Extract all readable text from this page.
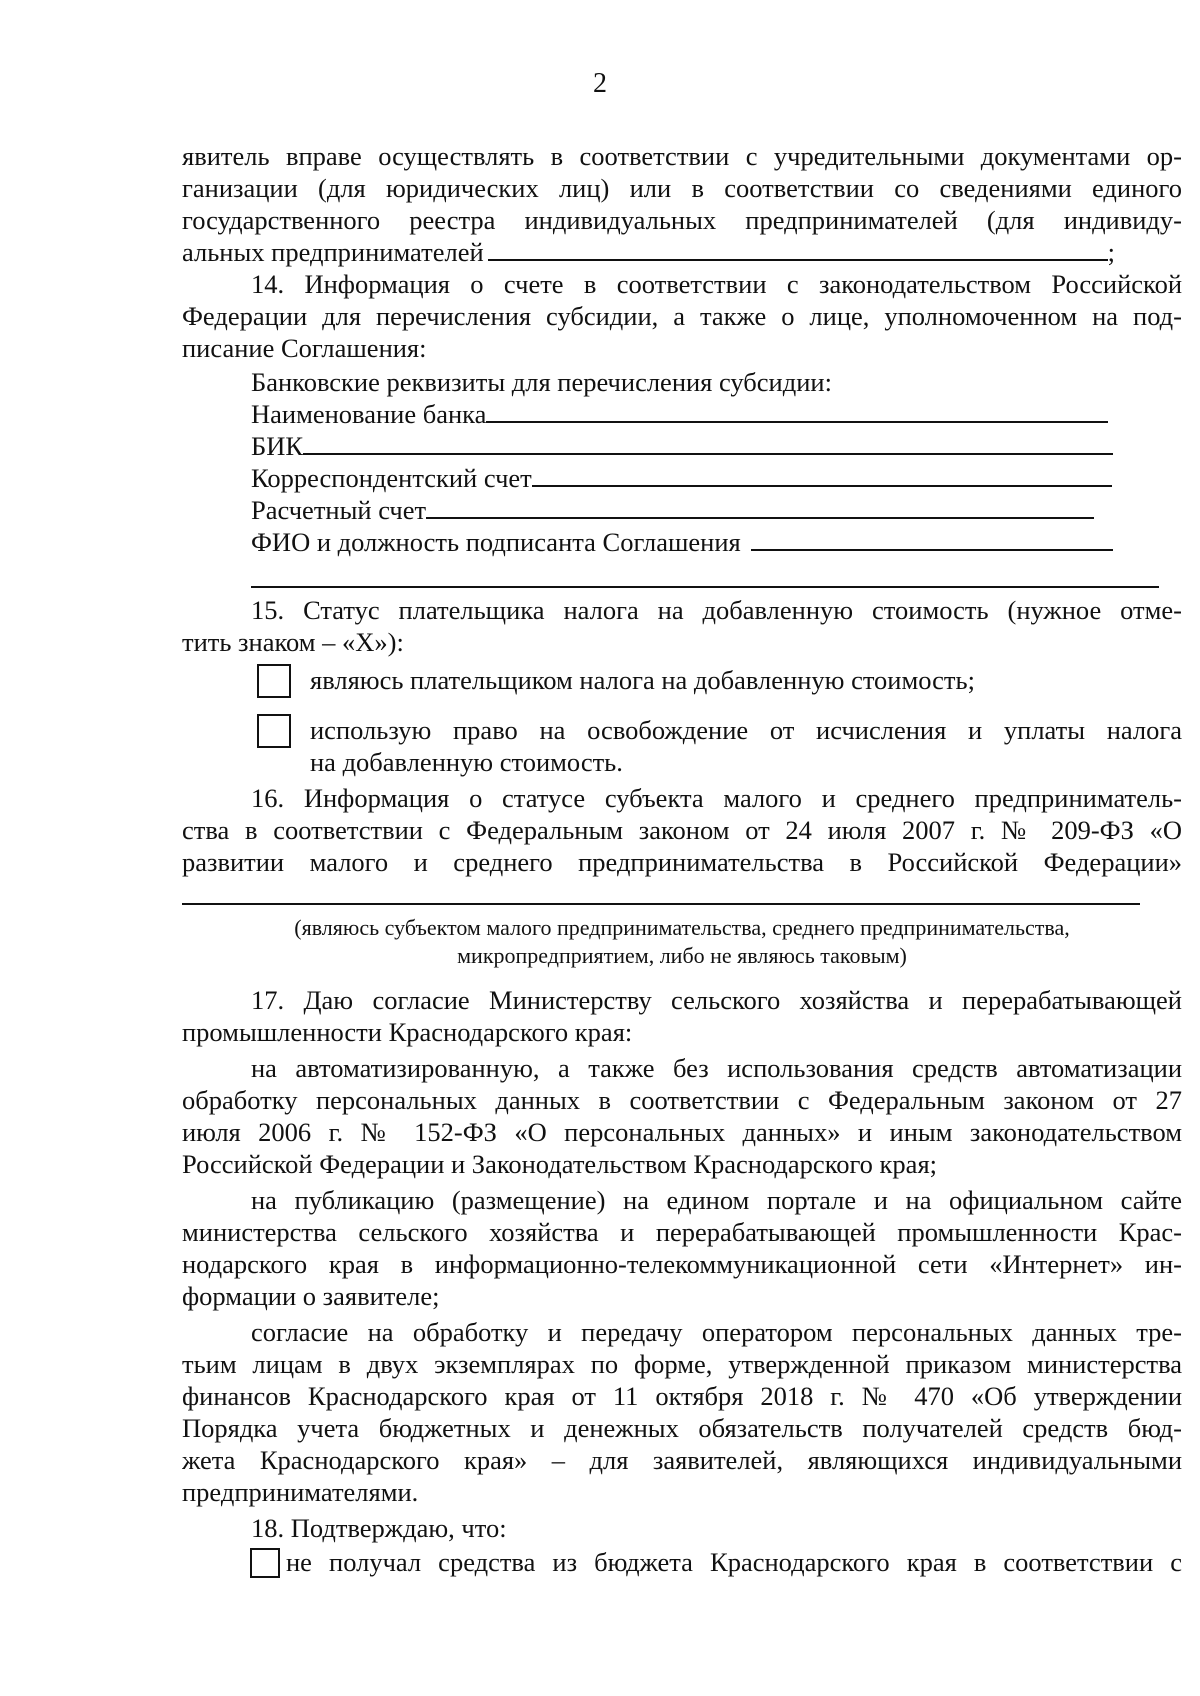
2
явитель вправе осуществлять в соответствии с учредительными документами ор-
ганизации (для юридических лиц) или в соответствии со сведениями единого
государственного реестра индивидуальных предпринимателей (для индивиду-
альных предпринимателей	;
14. Информация о счете в соответствии с законодательством Российской
Федерации для перечисления субсидии, а также о лице, уполномоченном на под-
писание Соглашения:
Банковские реквизиты для перечисления субсидии:
Наименование банка
БИК
Корреспондентский счет
Расчетный счет
ФИО и должность подписанта Соглашения
15. Статус плательщика налога на добавленную стоимость (нужное отме-
тить знаком – «Х»):
являюсь плательщиком налога на добавленную стоимость;
использую право на освобождение от исчисления и уплаты налога
на добавленную стоимость.
16. Информация о статусе субъекта малого и среднего предприниматель-
ства в соответствии с Федеральным законом от 24 июля 2007 г. № 209-ФЗ «О
развитии малого и среднего предпринимательства в Российской Федерации»
(являюсь субъектом малого предпринимательства, среднего предпринимательства,
микропредприятием, либо не являюсь таковым)
17. Даю согласие Министерству сельского хозяйства и перерабатывающей
промышленности Краснодарского края:
на автоматизированную, а также без использования средств автоматизации
обработку персональных данных в соответствии с Федеральным законом от 27
июля 2006 г. № 152-ФЗ «О персональных данных» и иным законодательством
Российской Федерации и Законодательством Краснодарского края;
на публикацию (размещение) на едином портале и на официальном сайте
министерства сельского хозяйства и перерабатывающей промышленности Крас-
нодарского края в информационно-телекоммуникационной сети «Интернет» ин-
формации о заявителе;
согласие на обработку и передачу оператором персональных данных тре-
тьим лицам в двух экземплярах по форме, утвержденной приказом министерства
финансов Краснодарского края от 11 октября 2018 г. № 470 «Об утверждении
Порядка учета бюджетных и денежных обязательств получателей средств бюд-
жета Краснодарского края» – для заявителей, являющихся индивидуальными
предпринимателями.
18. Подтверждаю, что:
не получал средства из бюджета Краснодарского края в соответствии с
